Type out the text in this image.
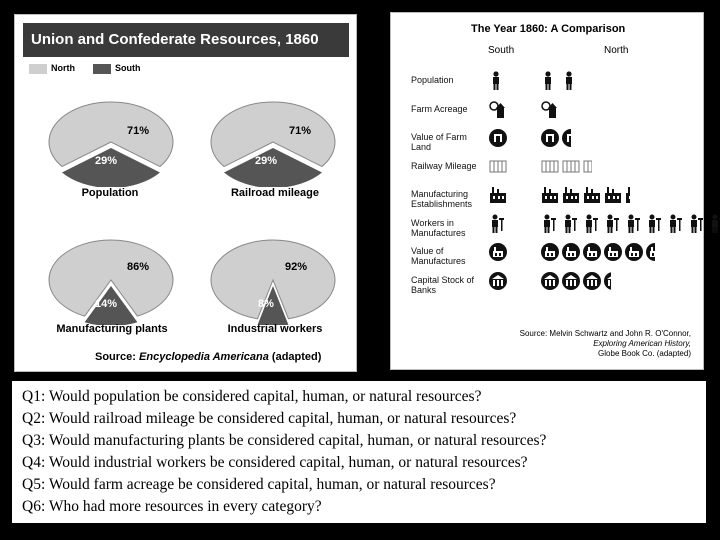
Union and Confederate Resources, 1860
North	South
71%
29%
Population
71%
29%
Railroad mileage
86%
14%
Manufacturing plants
92%
8%
Industrial workers
Source: Encyclopedia Americana (adapted)
The Year 1860: A Comparison
South	North
Population
Farm Acreage
Value of Farm Land
Railway Mileage
Manufacturing Establishments
Workers in Manufactures
Value of Manufactures
Capital Stock of Banks
Source: Melvin Schwartz and John R. O'Connor,
Exploring American History,
Globe Book Co. (adapted)
Q1: Would population be considered capital, human, or natural resources?
Q2: Would railroad mileage be considered capital, human, or natural resources?
Q3: Would manufacturing plants be considered capital, human, or natural resources?
Q4: Would industrial workers be considered capital, human, or natural resources?
Q5: Would farm acreage be considered capital, human, or natural resources?
Q6: Who had more resources in every category?
